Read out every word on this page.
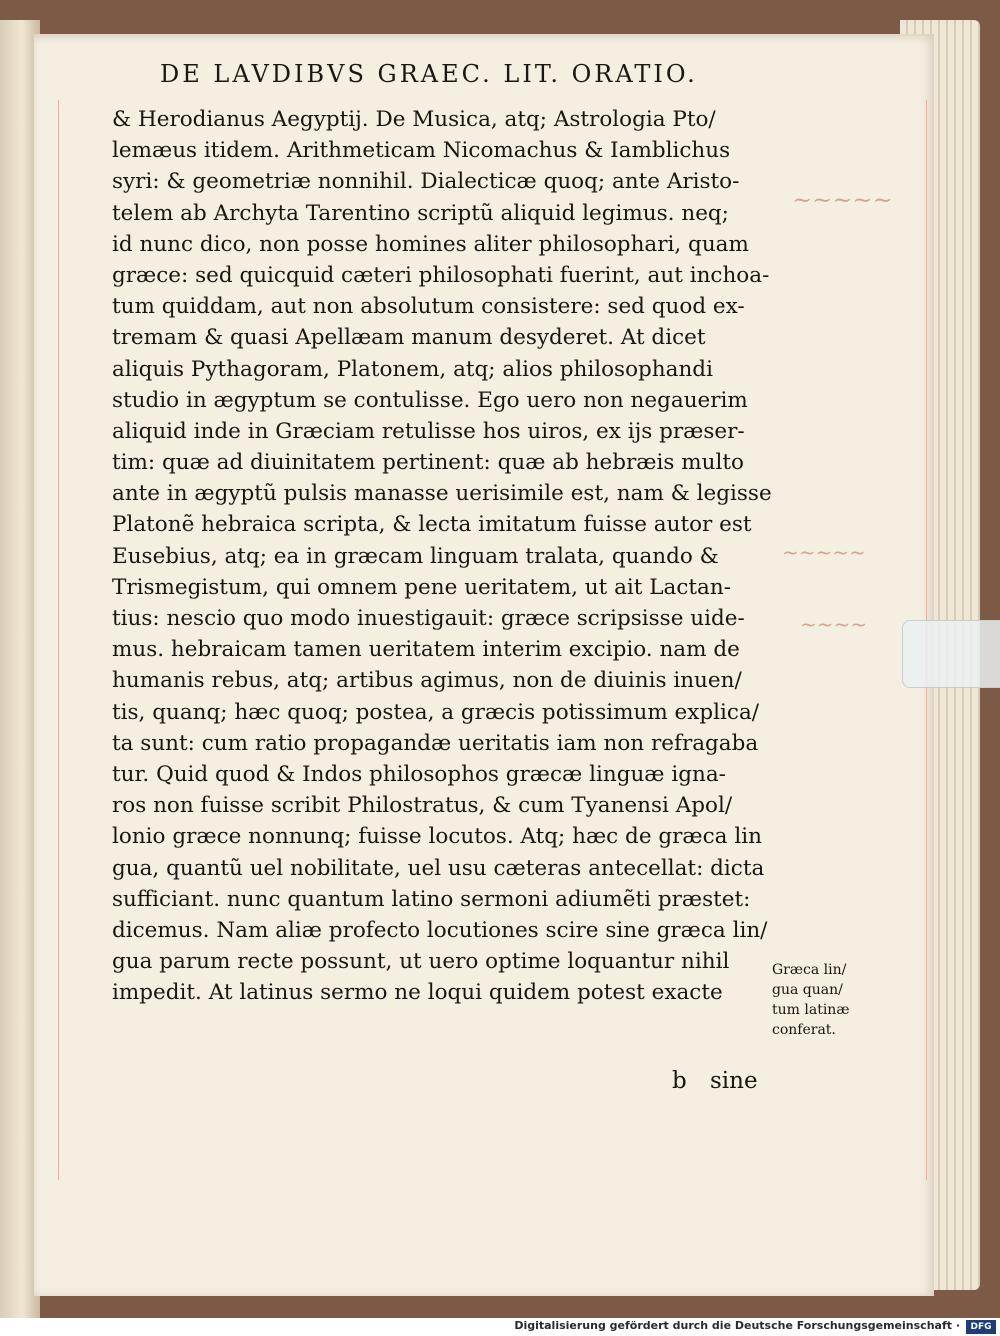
DE LAVDIBVS GRAEC. LIT. ORATIO.
& Herodianus Aegyptij. De Musica, atq; Astrologia Pto/
lemæus itidem. Arithmeticam Nicomachus & Iamblichus
syri: & geometriæ nonnihil. Dialecticæ quoq; ante Aristo-
telem ab Archyta Tarentino scriptũ aliquid legimus. neq;
id nunc dico, non posse homines aliter philosophari, quam
græce: sed quicquid cæteri philosophati fuerint, aut inchoa-
tum quiddam, aut non absolutum consistere: sed quod ex-
tremam & quasi Apellæam manum desyderet. At dicet
aliquis Pythagoram, Platonem, atq; alios philosophandi
studio in ægyptum se contulisse. Ego uero non negauerim
aliquid inde in Græciam retulisse hos uiros, ex ijs præser-
tim: quæ ad diuinitatem pertinent: quæ ab hebræis multo
ante in ægyptũ pulsis manasse uerisimile est, nam & legisse
Platonẽ hebraica scripta, & lecta imitatum fuisse autor est
Eusebius, atq; ea in græcam linguam tralata, quando &
Trismegistum, qui omnem pene ueritatem, ut ait Lactan-
tius: nescio quo modo inuestigauit: græce scripsisse uide-
mus. hebraicam tamen ueritatem interim excipio. nam de
humanis rebus, atq; artibus agimus, non de diuinis inuen/
tis, quanq; hæc quoq; postea, a græcis potissimum explica/
ta sunt: cum ratio propagandæ ueritatis iam non refragaba
tur. Quid quod & Indos philosophos græcæ linguæ igna-
ros non fuisse scribit Philostratus, & cum Tyanensi Apol/
lonio græce nonnunq; fuisse locutos. Atq; hæc de græca lin
gua, quantũ uel nobilitate, uel usu cæteras antecellat: dicta
sufficiant. nunc quantum latino sermoni adiumẽti præstet:
dicemus. Nam aliæ profecto locutiones scire sine græca lin/
gua parum recte possunt, ut uero optime loquantur nihil
impedit. At latinus sermo ne loqui quidem potest exacte
Græca lin/
gua quan/
tum latinæ
conferat.
b sine
~~~~~
~~~~~
~~~~
Digitalisierung gefördert durch die Deutsche Forschungsgemeinschaft ·	DFG
